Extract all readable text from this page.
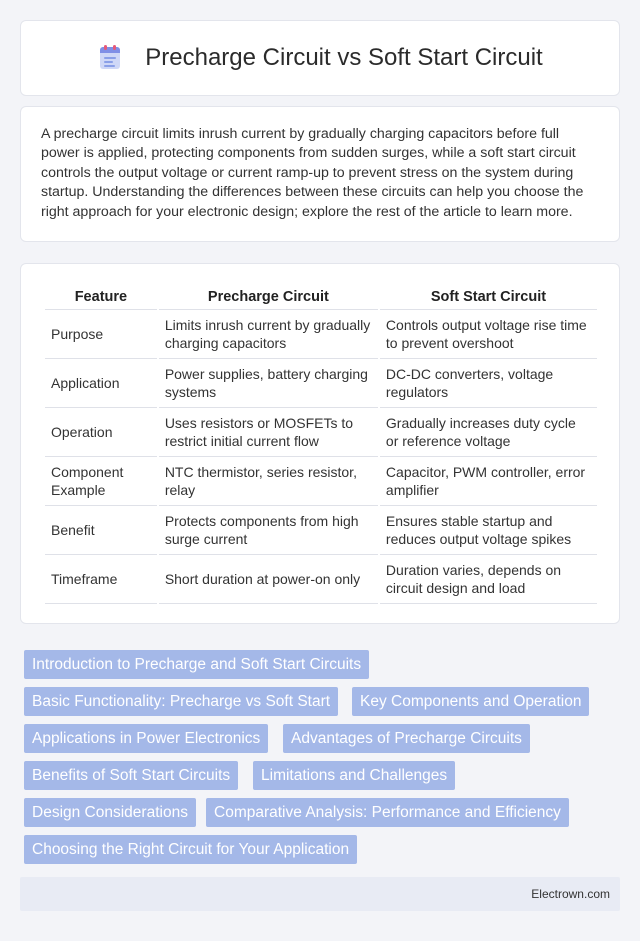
Precharge Circuit vs Soft Start Circuit

A precharge circuit limits inrush current by gradually charging capacitors before full power is applied, protecting components from sudden surges, while a soft start circuit controls the output voltage or current ramp-up to prevent stress on the system during startup. Understanding the differences between these circuits can help you choose the right approach for your electronic design; explore the rest of the article to learn more.

Feature	Precharge Circuit	Soft Start Circuit
Purpose	Limits inrush current by gradually charging capacitors	Controls output voltage rise time to prevent overshoot
Application	Power supplies, battery charging systems	DC-DC converters, voltage regulators
Operation	Uses resistors or MOSFETs to restrict initial current flow	Gradually increases duty cycle or reference voltage
Component Example	NTC thermistor, series resistor, relay	Capacitor, PWM controller, error amplifier
Benefit	Protects components from high surge current	Ensures stable startup and reduces output voltage spikes
Timeframe	Short duration at power-on only	Duration varies, depends on circuit design and load
Introduction to Precharge and Soft Start Circuits
Basic Functionality: Precharge vs Soft Start	Key Components and Operation
Applications in Power Electronics	Advantages of Precharge Circuits
Benefits of Soft Start Circuits	Limitations and Challenges
Design Considerations	Comparative Analysis: Performance and Efficiency
Choosing the Right Circuit for Your Application
Electrown.com
